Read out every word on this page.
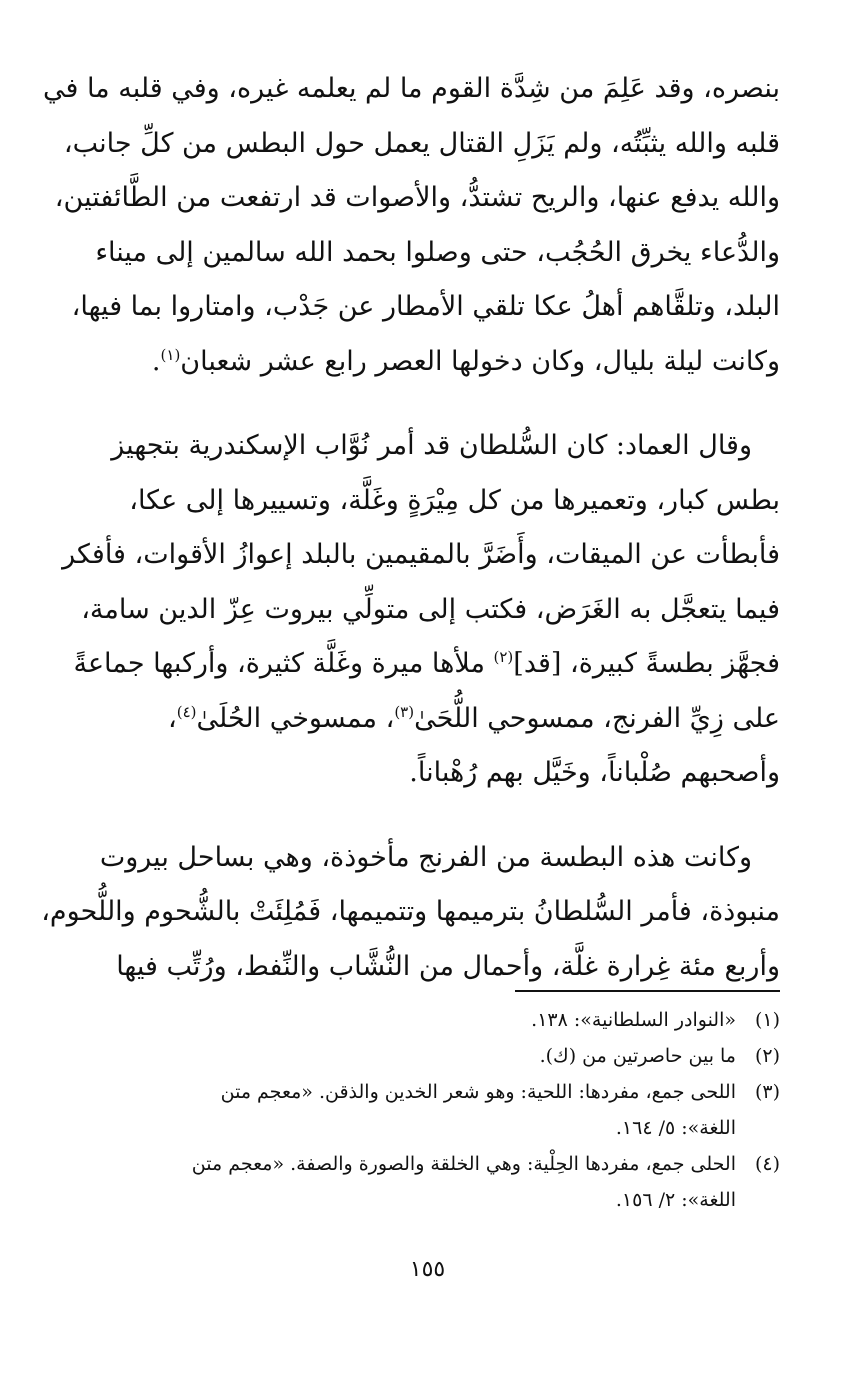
بنصره، وقد عَلِمَ من شِدَّة القوم ما لم يعلمه غيره، وفي قلبه ما في
قلبه والله يثبِّتُه، ولم يَزَلِ القتال يعمل حول البطس من كلِّ جانب،
والله يدفع عنها، والريح تشتدُّ، والأصوات قد ارتفعت من الطَّائفتين،
والدُّعاء يخرق الحُجُب، حتى وصلوا بحمد الله سالمين إلى ميناء
البلد، وتلقَّاهم أهلُ عكا تلقي الأمطار عن جَدْب، وامتاروا بما فيها،
وكانت ليلة بليال، وكان دخولها العصر رابع عشر شعبان$^{(١)}$.
وقال العماد: كان السُّلطان قد أمر نُوَّاب الإسكندرية بتجهيز
بطس كبار، وتعميرها من كل مِيْرَةٍ وغَلَّة، وتسييرها إلى عكا،
فأبطأت عن الميقات، وأَضَرَّ بالمقيمين بالبلد إعوازُ الأقوات، فأفكر
فيما يتعجَّل به الغَرَض، فكتب إلى متولِّي بيروت عِزّ الدين سامة،
فجهَّز بطسةً كبيرة، [قد]$^{(٢)}$ ملأها ميرة وغَلَّة كثيرة، وأركبها جماعةً
على زِيِّ الفرنج، ممسوحي اللُّحَىٰ$^{(٣)}$، ممسوخي الحُلَىٰ$^{(٤)}$،
وأصحبهم صُلْباناً، وخَيَّل بهم رُهْباناً.
وكانت هذه البطسة من الفرنج مأخوذة، وهي بساحل بيروت
منبوذة، فأمر السُّلطانُ بترميمها وتتميمها، فَمُلِئَتْ بالشُّحوم واللُّحوم،
وأربع مئة غِرارة غلَّة، وأحمال من النُّشَّاب والنِّفط، ورُتِّب فيها
(١)«النوادر السلطانية»: ١٣٨.
(٢)ما بين حاصرتين من (ك).
(٣)اللحى جمع، مفردها: اللحية: وهو شعر الخدين والذقن. «معجم متن
اللغة»: ٥/ ١٦٤.
(٤)الحلى جمع، مفردها الحِلْية: وهي الخلقة والصورة والصفة. «معجم متن
اللغة»: ٢/ ١٥٦.
١٥٥
